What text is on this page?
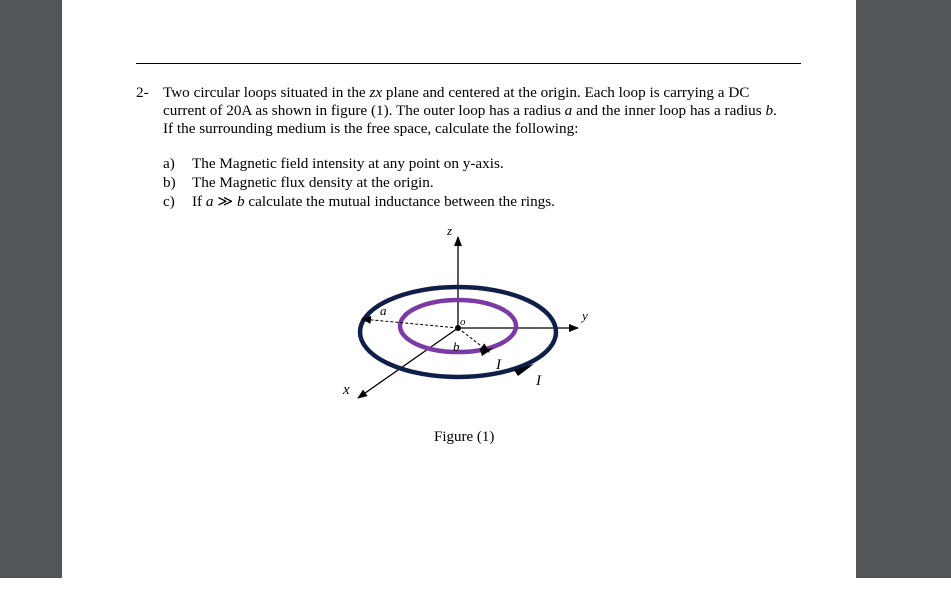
2- Two circular loops situated in the zx plane and centered at the origin. Each loop is carrying a DC
current of 20A as shown in figure (1). The outer loop has a radius a and the inner loop has a radius b.
If the surrounding medium is the free space, calculate the following:
a) The Magnetic field intensity at any point on y-axis.
b) The Magnetic flux density at the origin.
c) If a ≫ b calculate the mutual inductance between the rings.
z
y
x
a
b
o
I
I
Figure (1)
